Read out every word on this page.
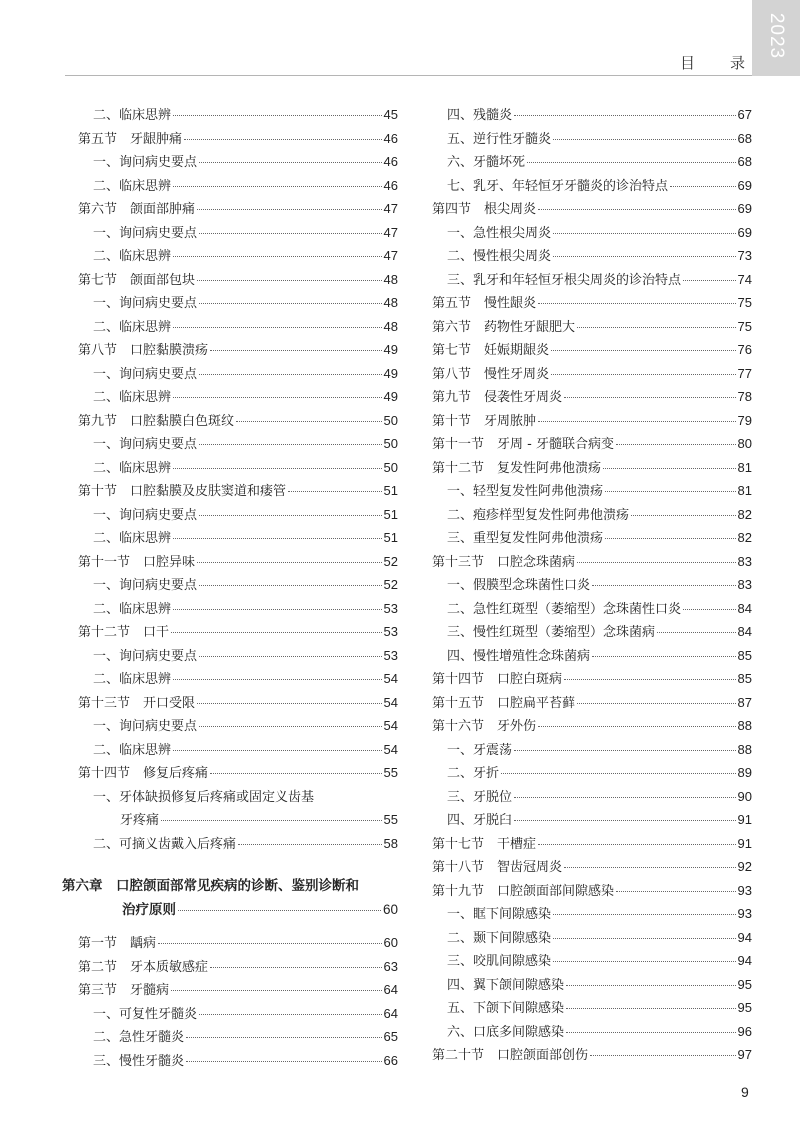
2023
目　录
二、临床思辨	45
第五节　牙龈肿痛	46
一、询问病史要点	46
二、临床思辨	46
第六节　颌面部肿痛	47
一、询问病史要点	47
二、临床思辨	47
第七节　颌面部包块	48
一、询问病史要点	48
二、临床思辨	48
第八节　口腔黏膜溃疡	49
一、询问病史要点	49
二、临床思辨	49
第九节　口腔黏膜白色斑纹	50
一、询问病史要点	50
二、临床思辨	50
第十节　口腔黏膜及皮肤窦道和瘘管	51
一、询问病史要点	51
二、临床思辨	51
第十一节　口腔异味	52
一、询问病史要点	52
二、临床思辨	53
第十二节　口干	53
一、询问病史要点	53
二、临床思辨	54
第十三节　开口受限	54
一、询问病史要点	54
二、临床思辨	54
第十四节　修复后疼痛	55
一、牙体缺损修复后疼痛或固定义齿基
牙疼痛	55
二、可摘义齿戴入后疼痛	58
第六章　口腔颌面部常见疾病的诊断、鉴别诊断和
治疗原则	60
第一节　龋病	60
第二节　牙本质敏感症	63
第三节　牙髓病	64
一、可复性牙髓炎	64
二、急性牙髓炎	65
三、慢性牙髓炎	66
四、残髓炎	67
五、逆行性牙髓炎	68
六、牙髓坏死	68
七、乳牙、年轻恒牙牙髓炎的诊治特点	69
第四节　根尖周炎	69
一、急性根尖周炎	69
二、慢性根尖周炎	73
三、乳牙和年轻恒牙根尖周炎的诊治特点	74
第五节　慢性龈炎	75
第六节　药物性牙龈肥大	75
第七节　妊娠期龈炎	76
第八节　慢性牙周炎	77
第九节　侵袭性牙周炎	78
第十节　牙周脓肿	79
第十一节　牙周 - 牙髓联合病变	80
第十二节　复发性阿弗他溃疡	81
一、轻型复发性阿弗他溃疡	81
二、疱疹样型复发性阿弗他溃疡	82
三、重型复发性阿弗他溃疡	82
第十三节　口腔念珠菌病	83
一、假膜型念珠菌性口炎	83
二、急性红斑型（萎缩型）念珠菌性口炎	84
三、慢性红斑型（萎缩型）念珠菌病	84
四、慢性增殖性念珠菌病	85
第十四节　口腔白斑病	85
第十五节　口腔扁平苔藓	87
第十六节　牙外伤	88
一、牙震荡	88
二、牙折	89
三、牙脱位	90
四、牙脱臼	91
第十七节　干槽症	91
第十八节　智齿冠周炎	92
第十九节　口腔颌面部间隙感染	93
一、眶下间隙感染	93
二、颞下间隙感染	94
三、咬肌间隙感染	94
四、翼下颌间隙感染	95
五、下颌下间隙感染	95
六、口底多间隙感染	96
第二十节　口腔颌面部创伤	97
9
